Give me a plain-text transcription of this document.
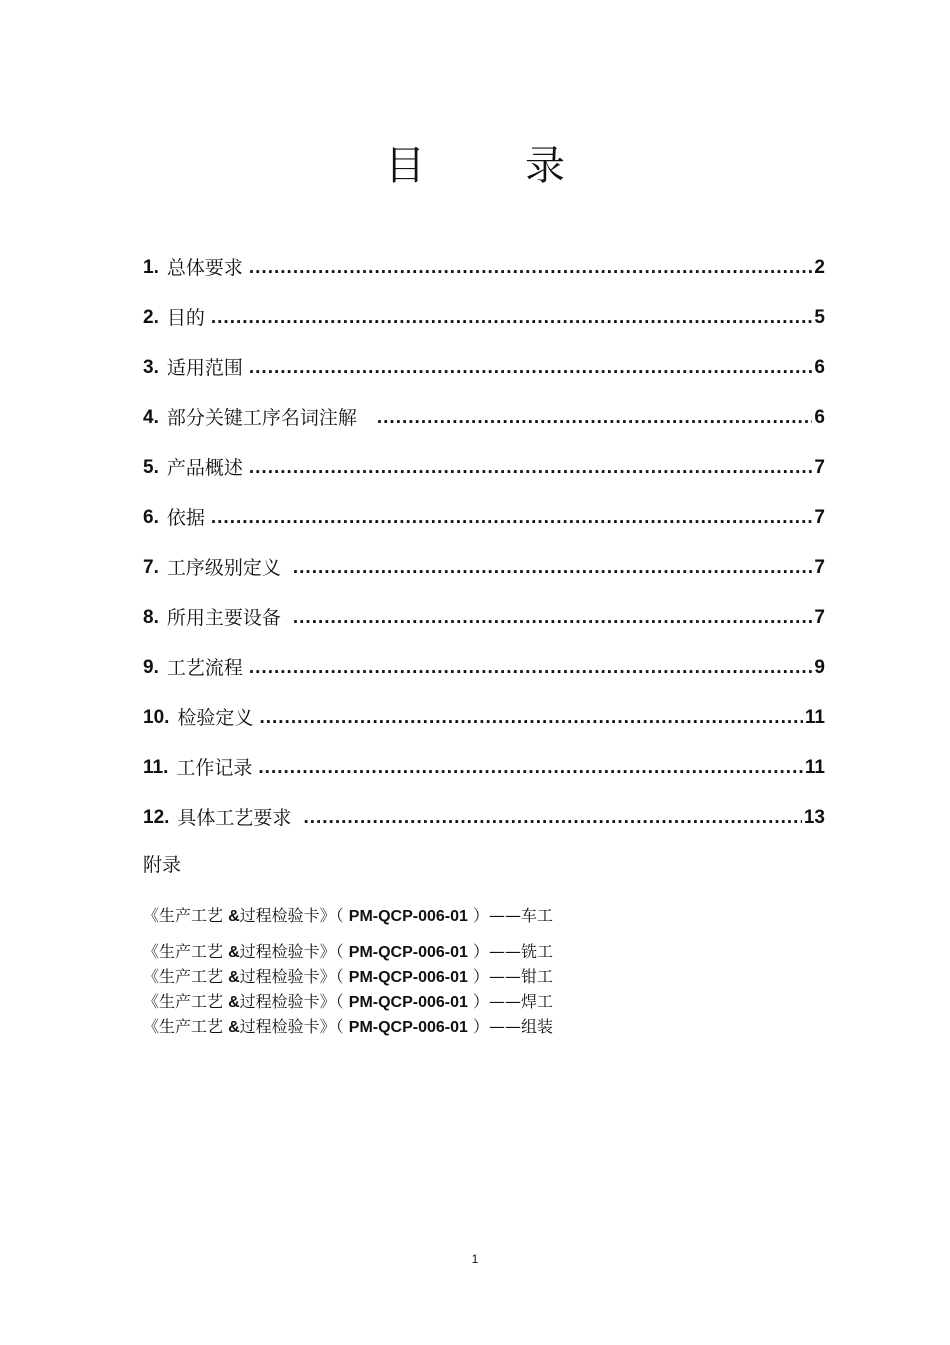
目	录
1. 总体要求 .....	2
2. 目的 .....	5
3. 适用范围 .....	6
4. 部分关键工序名词注解 .....	6
5. 产品概述 .....	7
6. 依据 .....	7
7. 工序级别定义 .....	7
8. 所用主要设备 .....	7
9. 工艺流程 .....	9
10. 检验定义 .....	11
11. 工作记录 .....	11
12. 具体工艺要求 .....	13
附录
《生产工艺 &过程检验卡》（ PM-QCP-006-01 ）——车工
《生产工艺 &过程检验卡》（ PM-QCP-006-01 ）——铣工
《生产工艺 &过程检验卡》（ PM-QCP-006-01 ）——钳工
《生产工艺 &过程检验卡》（ PM-QCP-006-01 ）——焊工
《生产工艺 &过程检验卡》（ PM-QCP-006-01 ）——组装
1
